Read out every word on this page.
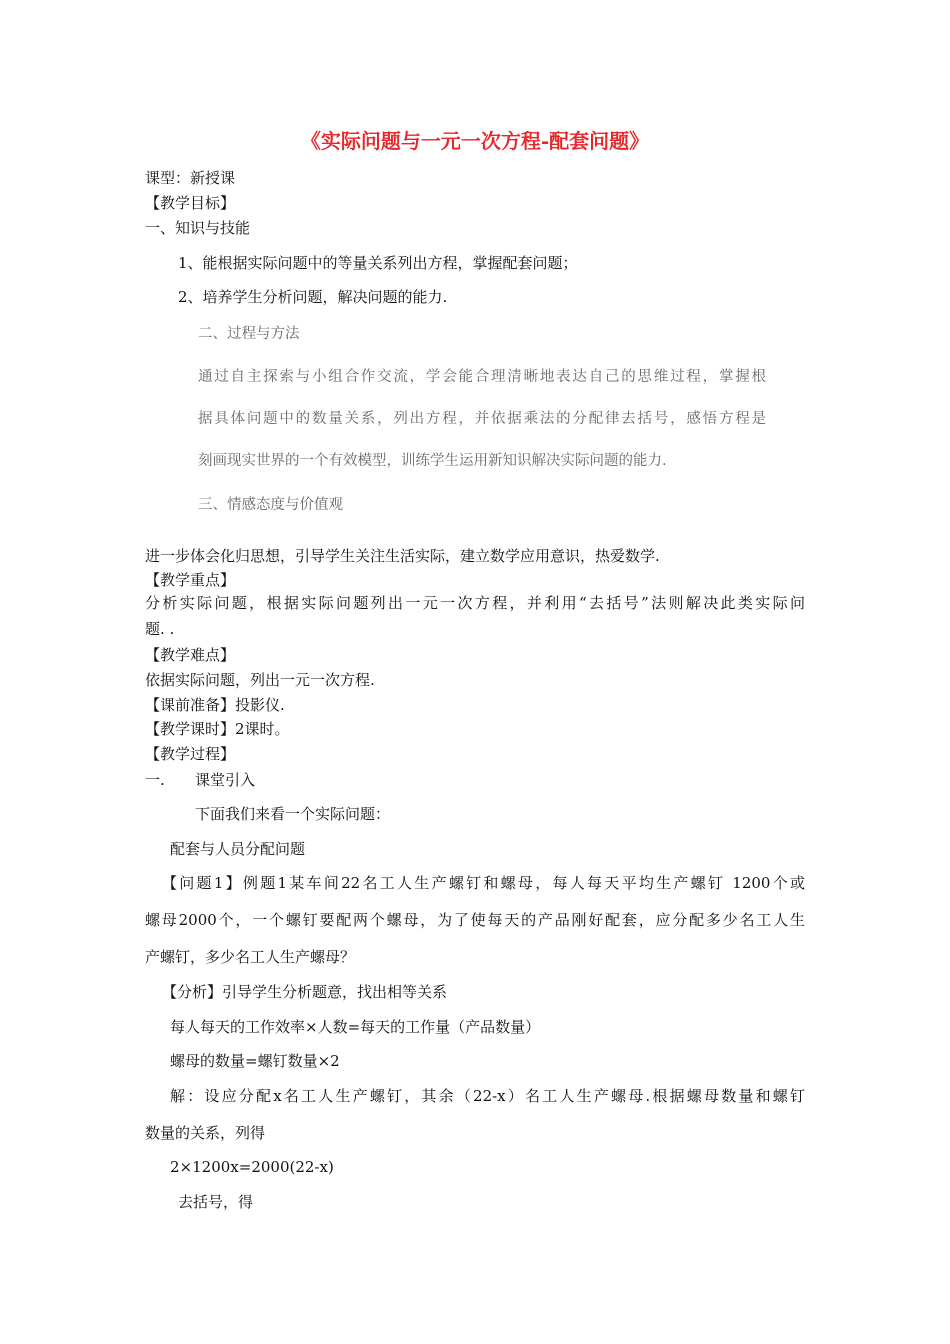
《实际问题与一元一次方程-配套问题》
课型：新授课
【教学目标】
一、知识与技能
1、能根据实际问题中的等量关系列出方程，掌握配套问题；
2、培养学生分析问题，解决问题的能力.
二、过程与方法
通过自主探索与小组合作交流，学会能合理清晰地表达自己的思维过程，掌握根
据具体问题中的数量关系，列出方程，并依据乘法的分配律去括号，感悟方程是
刻画现实世界的一个有效模型，训练学生运用新知识解决实际问题的能力.
三、情感态度与价值观
进一步体会化归思想，引导学生关注生活实际，建立数学应用意识，热爱数学.
【教学重点】
分析实际问题，根据实际问题列出一元一次方程，并利用“去括号”法则解决此类实际问
题. .
【教学难点】
依据实际问题，列出一元一次方程.
【课前准备】投影仪.
【教学课时】2课时。
【教学过程】
一. 课堂引入
下面我们来看一个实际问题：
配套与人员分配问题
【问题1】例题1某车间22名工人生产螺钉和螺母，每人每天平均生产螺钉 1200个或
螺母2000个，一个螺钉要配两个螺母，为了使每天的产品刚好配套，应分配多少名工人生
产螺钉，多少名工人生产螺母？
【分析】引导学生分析题意，找出相等关系
每人每天的工作效率×人数=每天的工作量（产品数量）
螺母的数量=螺钉数量×2
解：设应分配x名工人生产螺钉，其余（22-x）名工人生产螺母.根据螺母数量和螺钉
数量的关系，列得
2×1200x=2000(22-x)
去括号，得
